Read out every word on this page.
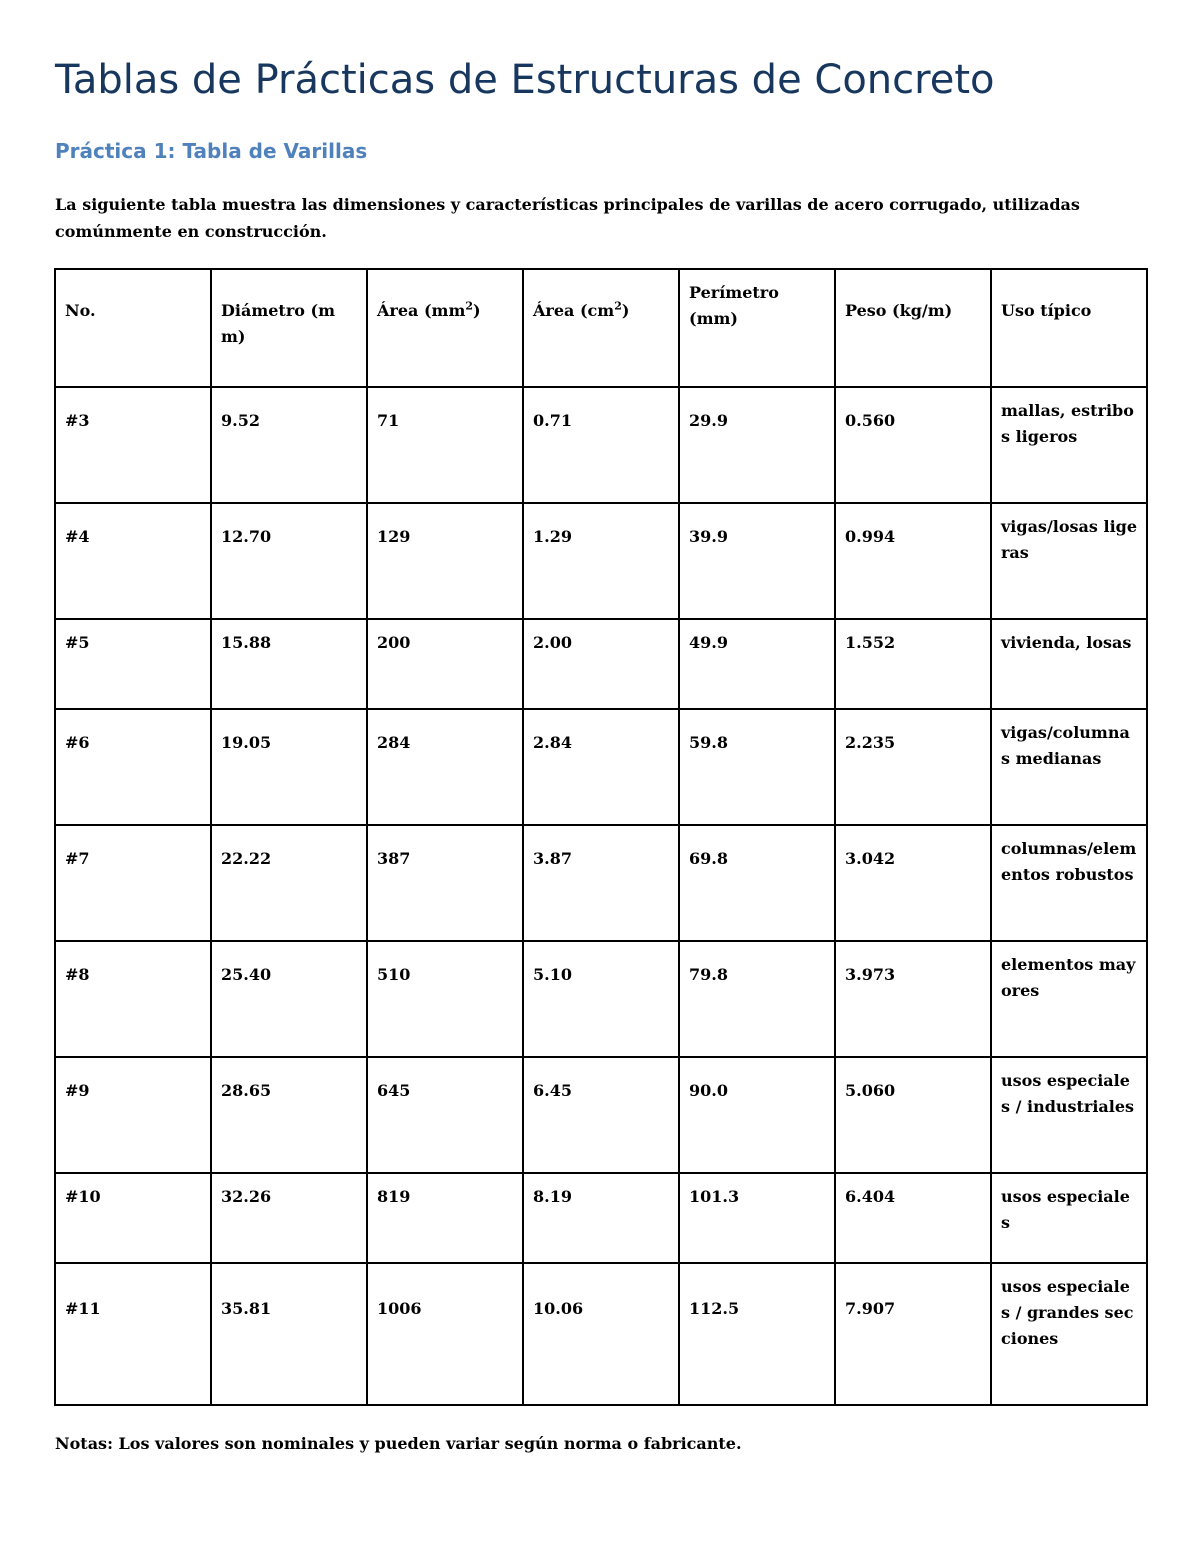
Tablas de Prácticas de Estructuras de Concreto
Práctica 1: Tabla de Varillas

La siguiente tabla muestra las dimensiones y características principales de varillas de acero corrugado, utilizadas comúnmente en construcción.

No.	Diámetro (mm)	Área $(mm^2)$	Área $(cm^2)$	Perímetro (mm)	Peso (kg/m)	Uso típico

#3	9.52	71	0.71	29.9	0.560	mallas, estribos ligeros

#4	12.70	129	1.29	39.9	0.994	vigas/losas ligeras

#5	15.88	200	2.00	49.9	1.552	vivienda, losas

#6	19.05	284	2.84	59.8	2.235	vigas/columnas medianas

#7	22.22	387	3.87	69.8	3.042	columnas/elementos robustos

#8	25.40	510	5.10	79.8	3.973	elementos mayores

#9	28.65	645	6.45	90.0	5.060	usos especiales / industriales

#10	32.26	819	8.19	101.3	6.404	usos especiales

#11	35.81	1006	10.06	112.5	7.907	usos especiales / grandes secciones

Notas: Los valores son nominales y pueden variar según norma o fabricante.
